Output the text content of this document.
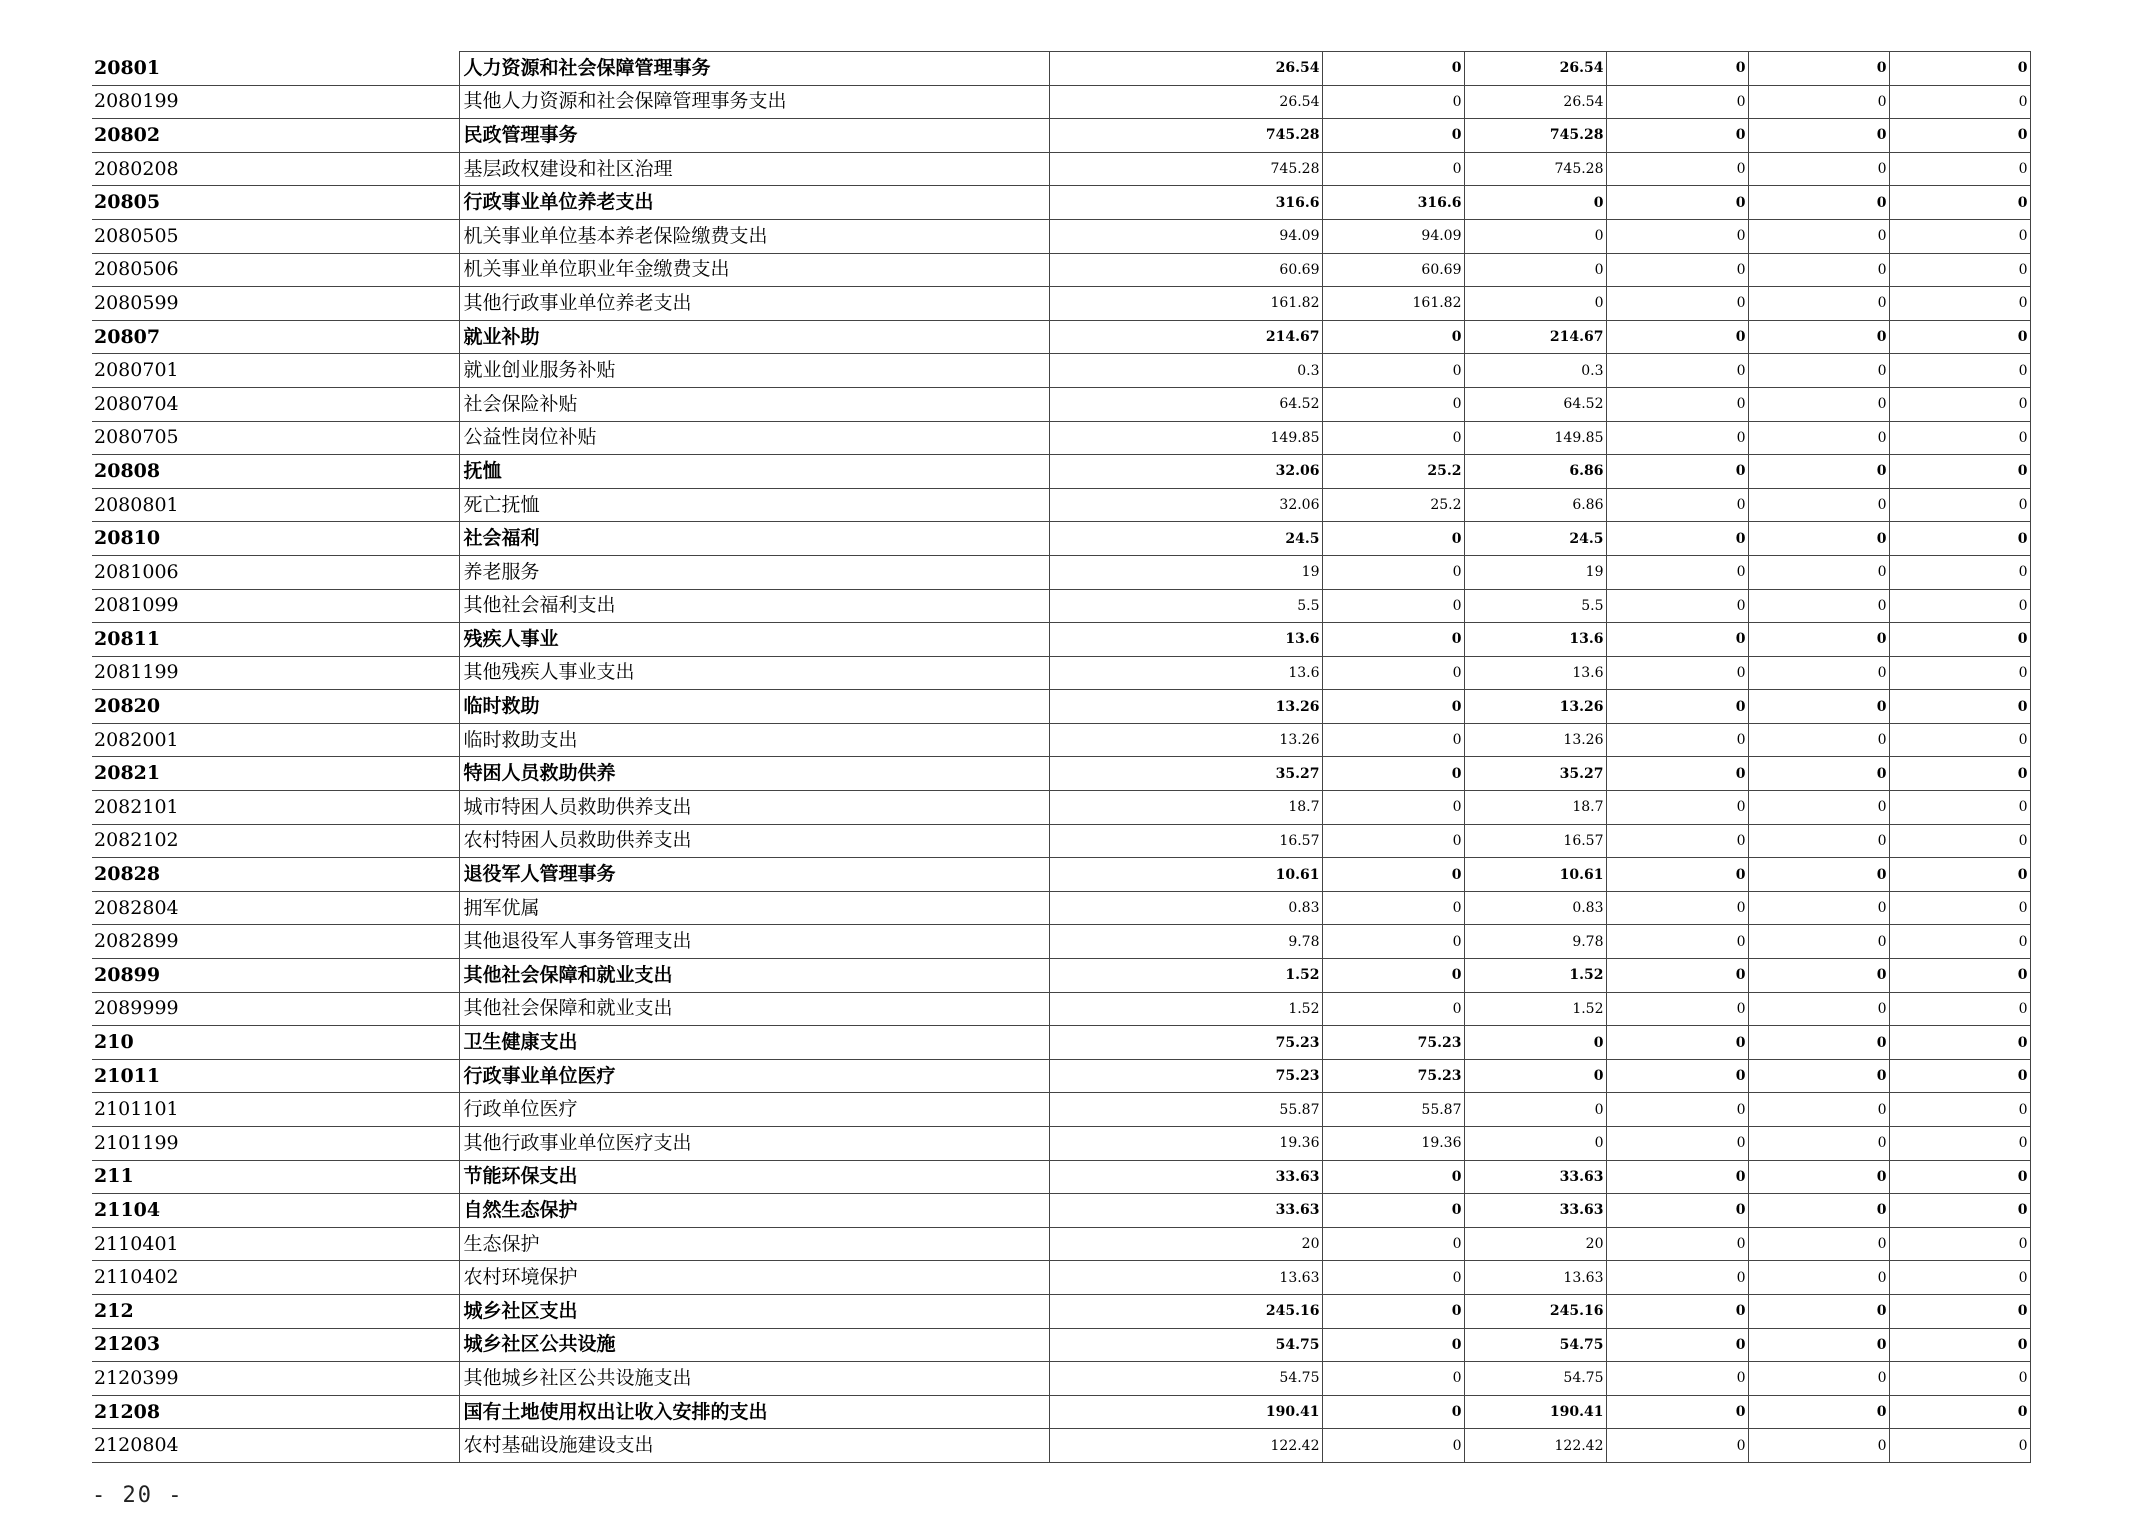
20801	人力资源和社会保障管理事务	26.54	0	26.54	0	0	0
2080199	其他人力资源和社会保障管理事务支出	26.54	0	26.54	0	0	0
20802	民政管理事务	745.28	0	745.28	0	0	0
2080208	基层政权建设和社区治理	745.28	0	745.28	0	0	0
20805	行政事业单位养老支出	316.6	316.6	0	0	0	0
2080505	机关事业单位基本养老保险缴费支出	94.09	94.09	0	0	0	0
2080506	机关事业单位职业年金缴费支出	60.69	60.69	0	0	0	0
2080599	其他行政事业单位养老支出	161.82	161.82	0	0	0	0
20807	就业补助	214.67	0	214.67	0	0	0
2080701	就业创业服务补贴	0.3	0	0.3	0	0	0
2080704	社会保险补贴	64.52	0	64.52	0	0	0
2080705	公益性岗位补贴	149.85	0	149.85	0	0	0
20808	抚恤	32.06	25.2	6.86	0	0	0
2080801	死亡抚恤	32.06	25.2	6.86	0	0	0
20810	社会福利	24.5	0	24.5	0	0	0
2081006	养老服务	19	0	19	0	0	0
2081099	其他社会福利支出	5.5	0	5.5	0	0	0
20811	残疾人事业	13.6	0	13.6	0	0	0
2081199	其他残疾人事业支出	13.6	0	13.6	0	0	0
20820	临时救助	13.26	0	13.26	0	0	0
2082001	临时救助支出	13.26	0	13.26	0	0	0
20821	特困人员救助供养	35.27	0	35.27	0	0	0
2082101	城市特困人员救助供养支出	18.7	0	18.7	0	0	0
2082102	农村特困人员救助供养支出	16.57	0	16.57	0	0	0
20828	退役军人管理事务	10.61	0	10.61	0	0	0
2082804	拥军优属	0.83	0	0.83	0	0	0
2082899	其他退役军人事务管理支出	9.78	0	9.78	0	0	0
20899	其他社会保障和就业支出	1.52	0	1.52	0	0	0
2089999	其他社会保障和就业支出	1.52	0	1.52	0	0	0
210	卫生健康支出	75.23	75.23	0	0	0	0
21011	行政事业单位医疗	75.23	75.23	0	0	0	0
2101101	行政单位医疗	55.87	55.87	0	0	0	0
2101199	其他行政事业单位医疗支出	19.36	19.36	0	0	0	0
211	节能环保支出	33.63	0	33.63	0	0	0
21104	自然生态保护	33.63	0	33.63	0	0	0
2110401	生态保护	20	0	20	0	0	0
2110402	农村环境保护	13.63	0	13.63	0	0	0
212	城乡社区支出	245.16	0	245.16	0	0	0
21203	城乡社区公共设施	54.75	0	54.75	0	0	0
2120399	其他城乡社区公共设施支出	54.75	0	54.75	0	0	0
21208	国有土地使用权出让收入安排的支出	190.41	0	190.41	0	0	0
2120804	农村基础设施建设支出	122.42	0	122.42	0	0	0
- 20 -
